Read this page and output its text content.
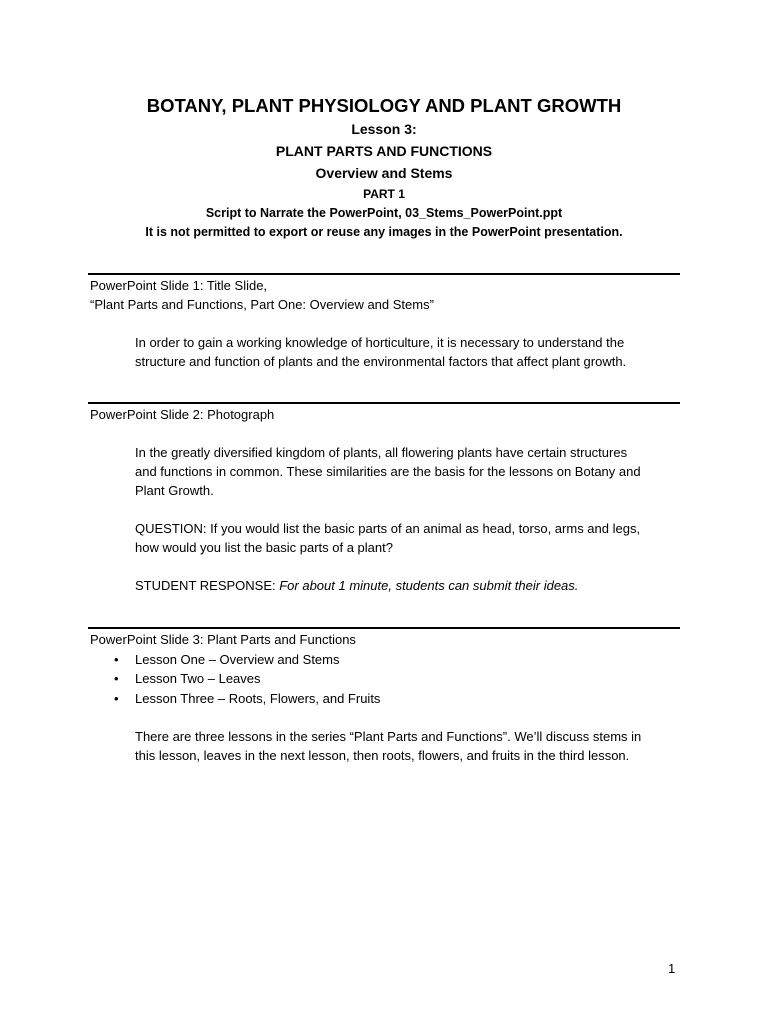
BOTANY, PLANT PHYSIOLOGY AND PLANT GROWTH
Lesson 3:
PLANT PARTS AND FUNCTIONS
Overview and Stems
PART 1
Script to Narrate the PowerPoint, 03_Stems_PowerPoint.ppt
It is not permitted to export or reuse any images in the PowerPoint presentation.
PowerPoint Slide 1: Title Slide,
“Plant Parts and Functions, Part One: Overview and Stems”
In order to gain a working knowledge of horticulture, it is necessary to understand the
structure and function of plants and the environmental factors that affect plant growth.
PowerPoint Slide 2: Photograph
In the greatly diversified kingdom of plants, all flowering plants have certain structures
and functions in common. These similarities are the basis for the lessons on Botany and
Plant Growth.
QUESTION: If you would list the basic parts of an animal as head, torso, arms and legs,
how would you list the basic parts of a plant?
STUDENT RESPONSE: For about 1 minute, students can submit their ideas.
PowerPoint Slide 3: Plant Parts and Functions
• Lesson One – Overview and Stems
• Lesson Two – Leaves
• Lesson Three – Roots, Flowers, and Fruits
There are three lessons in the series “Plant Parts and Functions”. We’ll discuss stems in
this lesson, leaves in the next lesson, then roots, flowers, and fruits in the third lesson.
1
